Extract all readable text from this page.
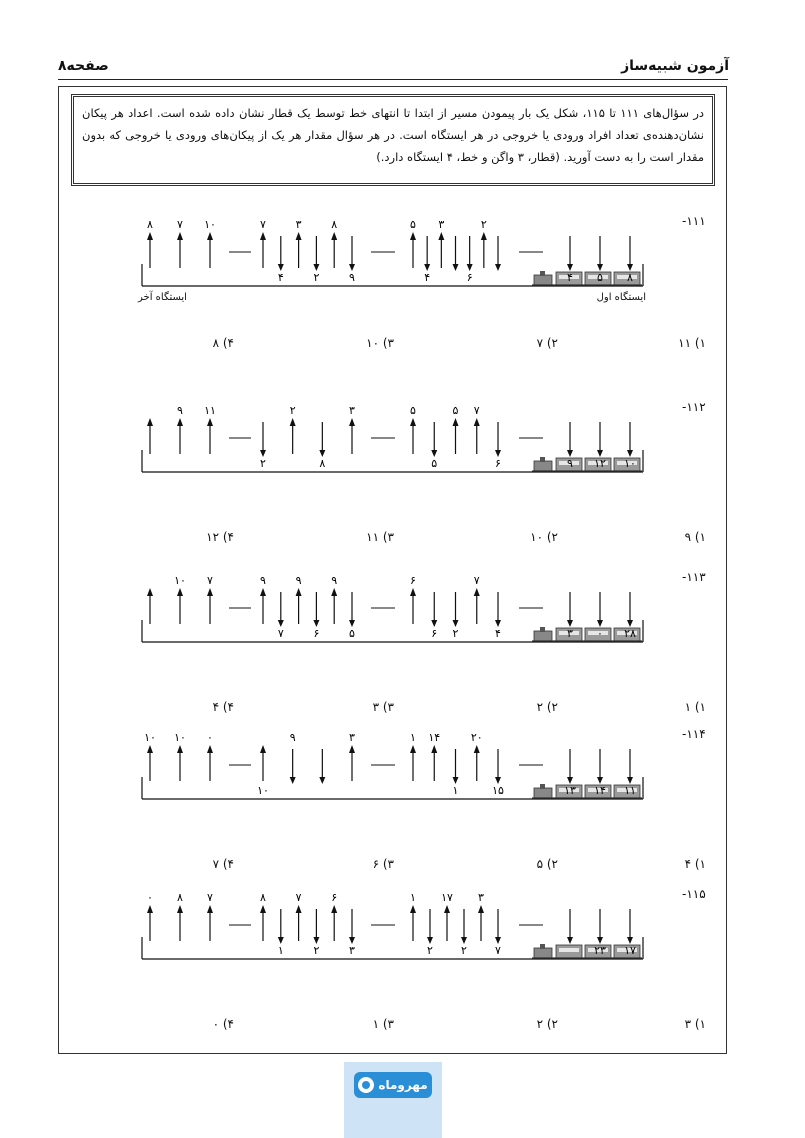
آزمون شبیه‌ساز
صفحه۸
در سؤال‌های ۱۱۱ تا ۱۱۵، شکل یک بار پیمودن مسیر از ابتدا تا انتهای خط توسط یک قطار نشان داده شده است. اعداد هر پیکان نشان‌دهنده‌ی تعداد افراد ورودی یا خروجی در هر ایستگاه است. در هر سؤال مقدار هر یک از پیکان‌های ورودی یا خروجی که بدون مقدار است را به دست آورید. (قطار، ۳ واگن و خط، ۴ ایستگاه دارد.)
-۱۱۱
ایستگاه اول
ایستگاه آخر
۱) ۱۱
۲) ۷
۳) ۱۰
۴) ۸
-۱۱۲
۱) ۹
۲) ۱۰
۳) ۱۱
۴) ۱۲
-۱۱۳
۱) ۱
۲) ۲
۳) ۳
۴) ۴
-۱۱۴
۱) ۴
۲) ۵
۳) ۶
۴) ۷
-۱۱۵
۱) ۳
۲) ۲
۳) ۱
۴) ۰
مهروماه
۸
۵
۴
۲
۶
۳
۴
۵
۹
۸
۲
۳
۴
۷
۱۰
۷
۸
۱۰
۱۲
۹
۶
۷
۵
۵
۵
۳
۸
۲
۲
۱۱
۹
۲۸
۰
۳
۴
۷
۲
۶
۶
۵
۹
۶
۹
۷
۹
۷
۱۰
۱۱
۱۴
۱۳
۱۵
۲۰
۱
۱۴
۱
۳
۹
۱۰
۰
۱۰
۱۰
۱۷
۲۳
۷
۳
۲
۱۷
۲
۱
۳
۶
۲
۷
۱
۸
۷
۸
۰
